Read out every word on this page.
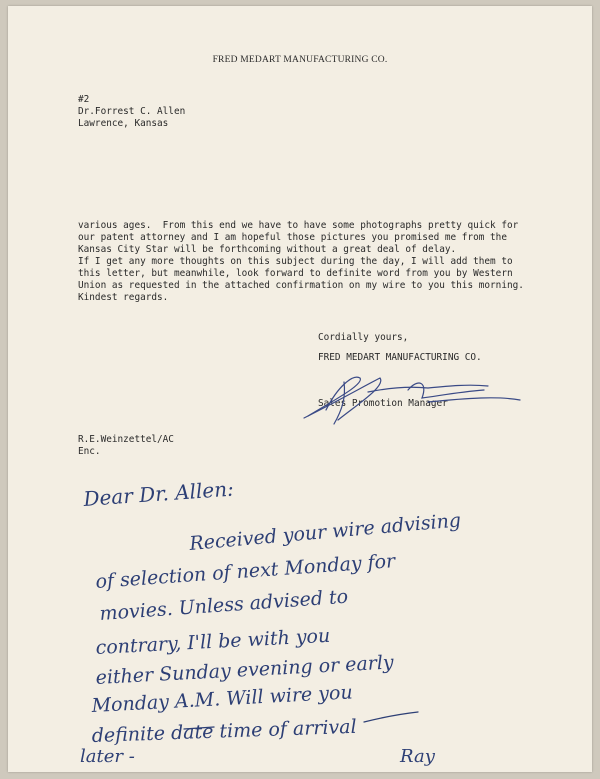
FRED MEDART MANUFACTURING CO.
#2
Dr.Forrest C. Allen
Lawrence, Kansas
various ages.  From this end we have to have some photographs pretty quick for
our patent attorney and I am hopeful those pictures you promised me from the
Kansas City Star will be forthcoming without a great deal of delay.
If I get any more thoughts on this subject during the day, I will add them to
this letter, but meanwhile, look forward to definite word from you by Western
Union as requested in the attached confirmation on my wire to you this morning.
Kindest regards.
Cordially yours,
FRED MEDART MANUFACTURING CO.
Sales Promotion Manager
R.E.Weinzettel/AC
Enc.
Dear Dr. Allen:
Received your wire advising
of selection of next Monday for
movies. Unless advised to
contrary, I'll be with you
either Sunday evening or early
Monday A.M. Will wire you
definite date time of arrival
later -	Ray
